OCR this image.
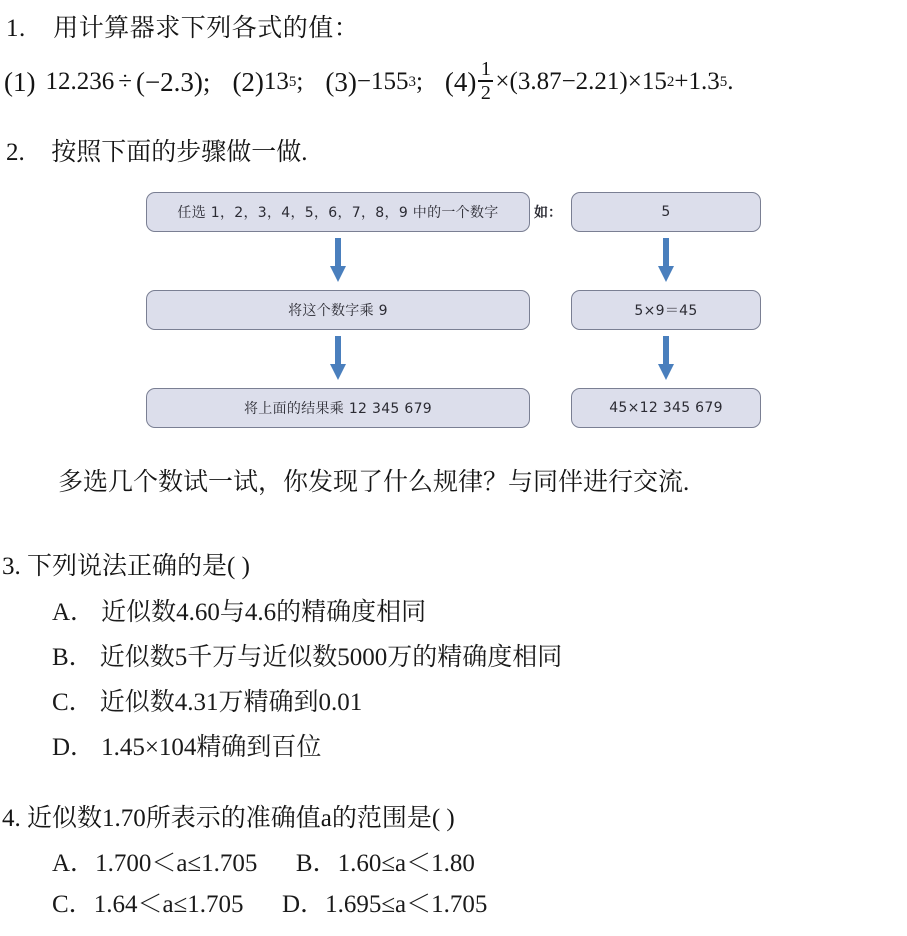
1. 用计算器求下列各式的值：
(1) 12.236 ÷ (−2.3); (2) 13 5 ; (3) −155 3 ; $(4) \frac{1}{2} \times(3.87-2.21)\times 15$ 2 +1.3 5 .
2. 按照下面的步骤做一做.
任选 1，2，3，4，5，6，7，8，9 中的一个数字
将这个数字乘 9
将上面的结果乘 12 345 679
如：	5
5×9＝45
45×12 345 679
多选几个数试一试，你发现了什么规律？与同伴进行交流.
3. 下列说法正确的是( )
A． 近似数4.60与4.6的精确度相同
B． 近似数5千万与近似数5000万的精确度相同
C． 近似数4.31万精确到0.01
D． 1.45×104精确到百位
4. 近似数1.70所表示的准确值a的范围是( )
A．1.700＜a≤1.705 B．1.60≤a＜1.80
C．1.64＜a≤1.705 D．1.695≤a＜1.705
